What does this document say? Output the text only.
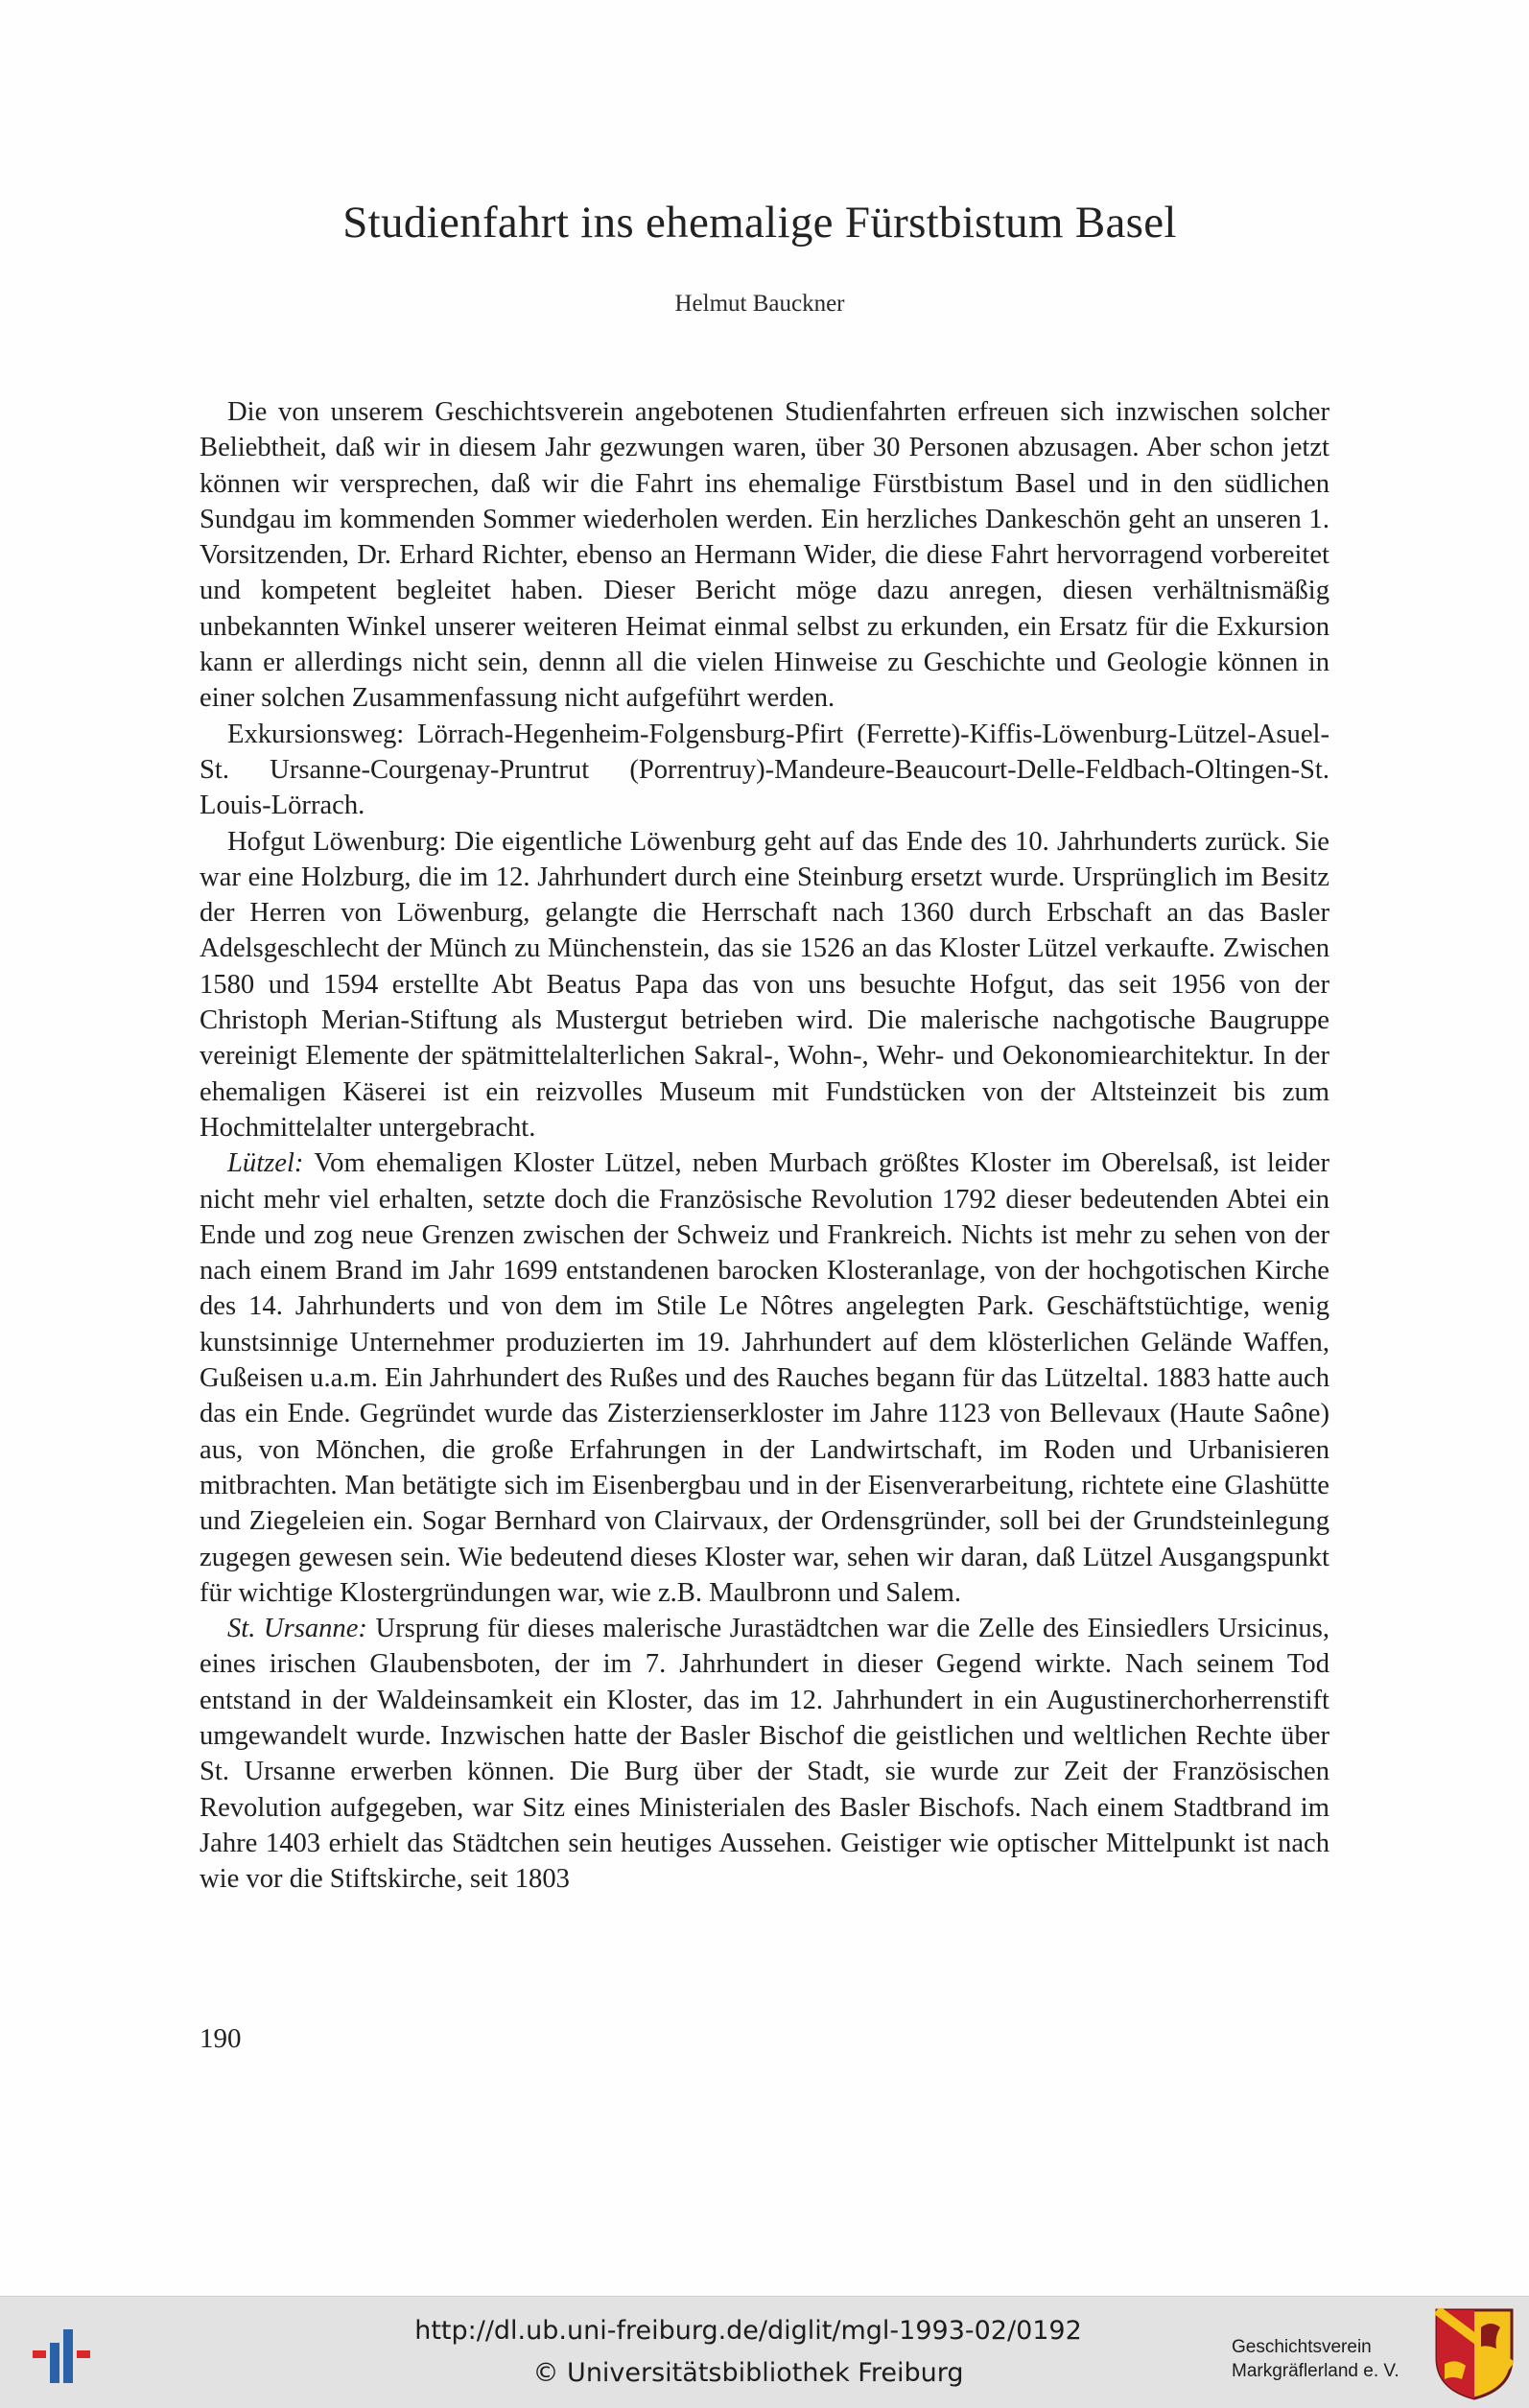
Studienfahrt ins ehemalige Fürstbistum Basel
Helmut Bauckner

Die von unserem Geschichtsverein angebotenen Studienfahrten erfreuen sich inzwischen solcher Beliebtheit, daß wir in diesem Jahr gezwungen waren, über 30 Personen abzusagen. Aber schon jetzt können wir versprechen, daß wir die Fahrt ins ehemalige Fürstbistum Basel und in den südlichen Sundgau im kommenden Sommer wiederholen werden. Ein herzliches Dankeschön geht an unseren 1. Vorsitzenden, Dr. Erhard Richter, ebenso an Hermann Wider, die diese Fahrt hervorragend vorbereitet und kompetent begleitet haben. Dieser Bericht möge dazu anregen, diesen verhältnismäßig unbekannten Winkel unserer weiteren Heimat einmal selbst zu erkunden, ein Ersatz für die Exkursion kann er allerdings nicht sein, dennn all die vielen Hinweise zu Geschichte und Geologie können in einer solchen Zusammenfassung nicht aufgeführt werden.

Exkursionsweg: Lörrach-Hegenheim-Folgensburg-Pfirt (Ferrette)-Kiffis-Löwenburg-Lützel-Asuel-St. Ursanne-Courgenay-Pruntrut (Porrentruy)-Mandeure-Beaucourt-Delle-Feldbach-Oltingen-St. Louis-Lörrach.

Hofgut Löwenburg: Die eigentliche Löwenburg geht auf das Ende des 10. Jahrhunderts zurück. Sie war eine Holzburg, die im 12. Jahrhundert durch eine Steinburg ersetzt wurde. Ursprünglich im Besitz der Herren von Löwenburg, gelangte die Herrschaft nach 1360 durch Erbschaft an das Basler Adelsgeschlecht der Münch zu Münchenstein, das sie 1526 an das Kloster Lützel verkaufte. Zwischen 1580 und 1594 erstellte Abt Beatus Papa das von uns besuchte Hofgut, das seit 1956 von der Christoph Merian-Stiftung als Mustergut betrieben wird. Die malerische nachgotische Baugruppe vereinigt Elemente der spätmittelalterlichen Sakral-, Wohn-, Wehr- und Oekonomiearchitektur. In der ehemaligen Käserei ist ein reizvolles Museum mit Fundstücken von der Altsteinzeit bis zum Hochmittelalter untergebracht.

Lützel: Vom ehemaligen Kloster Lützel, neben Murbach größtes Kloster im Oberelsaß, ist leider nicht mehr viel erhalten, setzte doch die Französische Revolution 1792 dieser bedeutenden Abtei ein Ende und zog neue Grenzen zwischen der Schweiz und Frankreich. Nichts ist mehr zu sehen von der nach einem Brand im Jahr 1699 entstandenen barocken Klosteranlage, von der hochgotischen Kirche des 14. Jahrhunderts und von dem im Stile Le Nôtres angelegten Park. Geschäftstüchtige, wenig kunstsinnige Unternehmer produzierten im 19. Jahrhundert auf dem klösterlichen Gelände Waffen, Gußeisen u.a.m. Ein Jahrhundert des Rußes und des Rauches begann für das Lützeltal. 1883 hatte auch das ein Ende. Gegründet wurde das Zisterzienserkloster im Jahre 1123 von Bellevaux (Haute Saône) aus, von Mönchen, die große Erfahrungen in der Landwirtschaft, im Roden und Urbanisieren mitbrachten. Man betätigte sich im Eisenbergbau und in der Eisenverarbeitung, richtete eine Glashütte und Ziegeleien ein. Sogar Bernhard von Clairvaux, der Ordensgründer, soll bei der Grundsteinlegung zugegen gewesen sein. Wie bedeutend dieses Kloster war, sehen wir daran, daß Lützel Ausgangspunkt für wichtige Klostergründungen war, wie z.B. Maulbronn und Salem.

St. Ursanne: Ursprung für dieses malerische Jurastädtchen war die Zelle des Einsiedlers Ursicinus, eines irischen Glaubensboten, der im 7. Jahrhundert in dieser Gegend wirkte. Nach seinem Tod entstand in der Waldeinsamkeit ein Kloster, das im 12. Jahrhundert in ein Augustinerchorherrenstift umgewandelt wurde. Inzwischen hatte der Basler Bischof die geistlichen und weltlichen Rechte über St. Ursanne erwerben können. Die Burg über der Stadt, sie wurde zur Zeit der Französischen Revolution aufgegeben, war Sitz eines Ministerialen des Basler Bischofs. Nach einem Stadtbrand im Jahre 1403 erhielt das Städtchen sein heutiges Aussehen. Geistiger wie optischer Mittelpunkt ist nach wie vor die Stiftskirche, seit 1803

190
http://dl.ub.uni-freiburg.de/diglit/mgl-1993-02/0192
© Universitätsbibliothek Freiburg
Geschichtsverein
Markgräflerland e. V.
